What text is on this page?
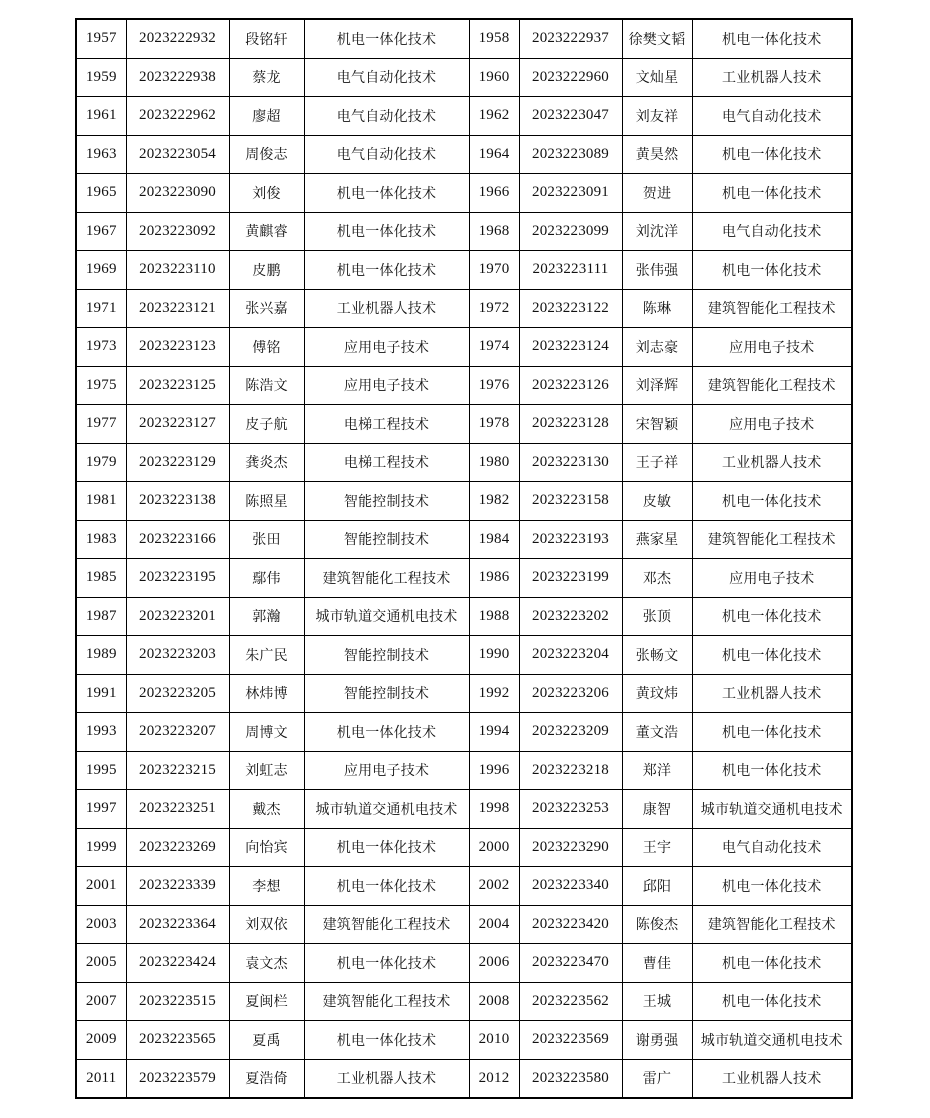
1957	2023222932	段铭轩	机电一体化技术	1958	2023222937	徐樊文韬	机电一体化技术
1959	2023222938	蔡龙	电气自动化技术	1960	2023222960	文灿星	工业机器人技术
1961	2023222962	廖超	电气自动化技术	1962	2023223047	刘友祥	电气自动化技术
1963	2023223054	周俊志	电气自动化技术	1964	2023223089	黄昊然	机电一体化技术
1965	2023223090	刘俊	机电一体化技术	1966	2023223091	贺进	机电一体化技术
1967	2023223092	黄麒睿	机电一体化技术	1968	2023223099	刘沈洋	电气自动化技术
1969	2023223110	皮鹏	机电一体化技术	1970	2023223111	张伟强	机电一体化技术
1971	2023223121	张兴嘉	工业机器人技术	1972	2023223122	陈琳	建筑智能化工程技术
1973	2023223123	傅铭	应用电子技术	1974	2023223124	刘志豪	应用电子技术
1975	2023223125	陈浩文	应用电子技术	1976	2023223126	刘泽辉	建筑智能化工程技术
1977	2023223127	皮子航	电梯工程技术	1978	2023223128	宋智颖	应用电子技术
1979	2023223129	龚炎杰	电梯工程技术	1980	2023223130	王子祥	工业机器人技术
1981	2023223138	陈照星	智能控制技术	1982	2023223158	皮敏	机电一体化技术
1983	2023223166	张田	智能控制技术	1984	2023223193	燕家星	建筑智能化工程技术
1985	2023223195	鄢伟	建筑智能化工程技术	1986	2023223199	邓杰	应用电子技术
1987	2023223201	郭瀚	城市轨道交通机电技术	1988	2023223202	张顶	机电一体化技术
1989	2023223203	朱广民	智能控制技术	1990	2023223204	张畅文	机电一体化技术
1991	2023223205	林炜博	智能控制技术	1992	2023223206	黄玟炜	工业机器人技术
1993	2023223207	周博文	机电一体化技术	1994	2023223209	董文浩	机电一体化技术
1995	2023223215	刘虹志	应用电子技术	1996	2023223218	郑洋	机电一体化技术
1997	2023223251	戴杰	城市轨道交通机电技术	1998	2023223253	康智	城市轨道交通机电技术
1999	2023223269	向怡宾	机电一体化技术	2000	2023223290	王宇	电气自动化技术
2001	2023223339	李想	机电一体化技术	2002	2023223340	邱阳	机电一体化技术
2003	2023223364	刘双依	建筑智能化工程技术	2004	2023223420	陈俊杰	建筑智能化工程技术
2005	2023223424	袁文杰	机电一体化技术	2006	2023223470	曹佳	机电一体化技术
2007	2023223515	夏闽栏	建筑智能化工程技术	2008	2023223562	王城	机电一体化技术
2009	2023223565	夏禹	机电一体化技术	2010	2023223569	谢勇强	城市轨道交通机电技术
2011	2023223579	夏浩倚	工业机器人技术	2012	2023223580	雷广	工业机器人技术
